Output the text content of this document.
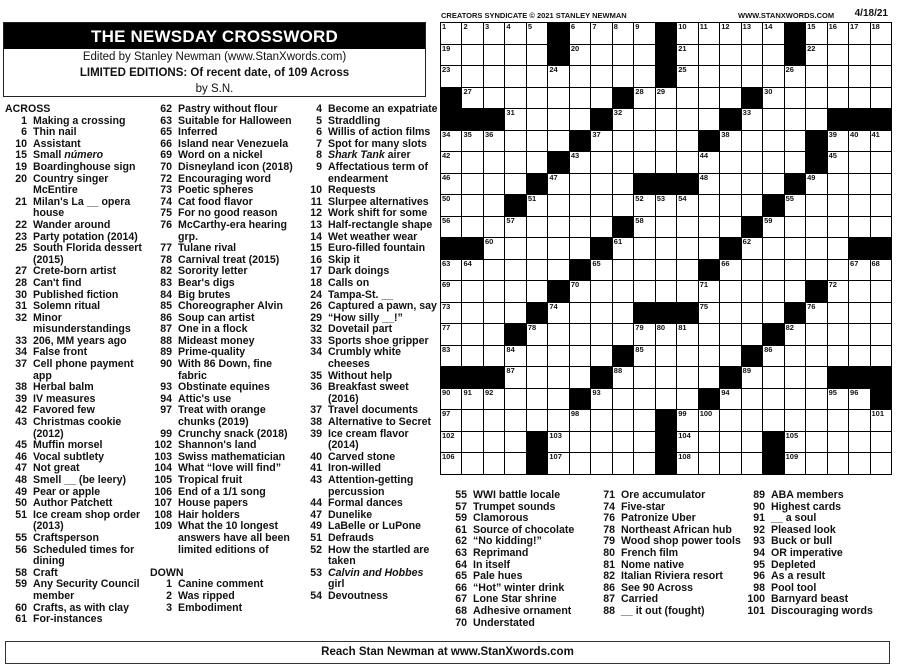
THE NEWSDAY CROSSWORD
Edited by Stanley Newman (www.StanXwords.com)
LIMITED EDITIONS: Of recent date, of 109 Across
by S.N.
CREATORS SYNDICATE © 2021 STANLEY NEWMAN	WWW.STANXWORDS.COM 4/18/21
1 2 3 4 5	6 7 8 9	10 11 12 13 14	15 16 17 18
19	20	21	22
23	24	25	26
27	28 29	30
31	32	33
34 35 36	37	38	39 40 41
42	43	44	45
46	47	48	49
50	51	52 53 54	55
56	57	58	59
60	61	62
63 64	65	66	67 68
69	70	71	72
73	74	75	76
77	78	79 80 81	82
83	84	85	86
87	88	89
90 91 92	93	94	95 96
97	98	99 100	101
102	103	104	105
106	107	108	109
ACROSS
1 Making a crossing
6 Thin nail
10 Assistant
15 Small número
19 Boardinghouse sign
20 Country singer McEntire
21 Milan's La __ opera house
22 Wander around
23 Party potation (2014)
25 South Florida dessert (2015)
27 Crete-born artist
28 Can't find
30 Published fiction
31 Solemn ritual
32 Minor misunderstandings
33 206, MM years ago
34 False front
37 Cell phone payment app
38 Herbal balm
39 IV measures
42 Favored few
43 Christmas cookie (2012)
45 Muffin morsel
46 Vocal subtlety
47 Not great
48 Smell __ (be leery)
49 Pear or apple
50 Author Patchett
51 Ice cream shop order (2013)
55 Craftsperson
56 Scheduled times for dining
58 Craft
59 Any Security Council member
60 Crafts, as with clay
61 For-instances
62 Pastry without flour
63 Suitable for Halloween
65 Inferred
66 Island near Venezuela
69 Word on a nickel
70 Disneyland icon (2018)
72 Encouraging word
73 Poetic spheres
74 Cat food flavor
75 For no good reason
76 McCarthy-era hearing grp.
77 Tulane rival
78 Carnival treat (2015)
82 Sorority letter
83 Bear's digs
84 Big brutes
85 Choreographer Alvin
86 Soup can artist
87 One in a flock
88 Mideast money
89 Prime-quality
90 With 86 Down, fine fabric
93 Obstinate equines
94 Attic's use
97 Treat with orange chunks (2019)
99 Crunchy snack (2018)
102 Shannon's land
103 Swiss mathematician
104 What “love will find”
105 Tropical fruit
106 End of a 1/1 song
107 House papers
108 Hair holders
109 What the 10 longest answers have all been limited editions of
DOWN
1 Canine comment
2 Was ripped
3 Embodiment
4 Become an expatriate
5 Straddling
6 Willis of action films
7 Spot for many slots
8 Shark Tank airer
9 Affectatious term of endearment
10 Requests
11 Slurpee alternatives
12 Work shift for some
13 Half-rectangle shape
14 Wet weather wear
15 Euro-filled fountain
16 Skip it
17 Dark doings
18 Calls on
24 Tampa-St. __
26 Captured a pawn, say
29 “How silly __!”
32 Dovetail part
33 Sports shoe gripper
34 Crumbly white cheeses
35 Without help
36 Breakfast sweet (2016)
37 Travel documents
38 Alternative to Secret
39 Ice cream flavor (2014)
40 Carved stone
41 Iron-willed
43 Attention-getting percussion
44 Formal dances
47 Dunelike
49 LaBelle or LuPone
51 Defrauds
52 How the startled are taken
53 Calvin and Hobbes girl
54 Devoutness
55 WWI battle locale
57 Trumpet sounds
59 Clamorous
61 Source of chocolate
62 “No kidding!”
63 Reprimand
64 In itself
65 Pale hues
66 “Hot” winter drink
67 Lone Star shrine
68 Adhesive ornament
70 Understated
71 Ore accumulator
74 Five-star
76 Patronize Uber
78 Northeast African hub
79 Wood shop power tools
80 French film
81 Nome native
82 Italian Riviera resort
86 See 90 Across
87 Carried
88 __ it out (fought)
89 ABA members
90 Highest cards
91 __ a soul
92 Pleased look
93 Buck or bull
94 OR imperative
95 Depleted
96 As a result
98 Pool tool
100 Barnyard beast
101 Discouraging words
Reach Stan Newman at www.StanXwords.com
